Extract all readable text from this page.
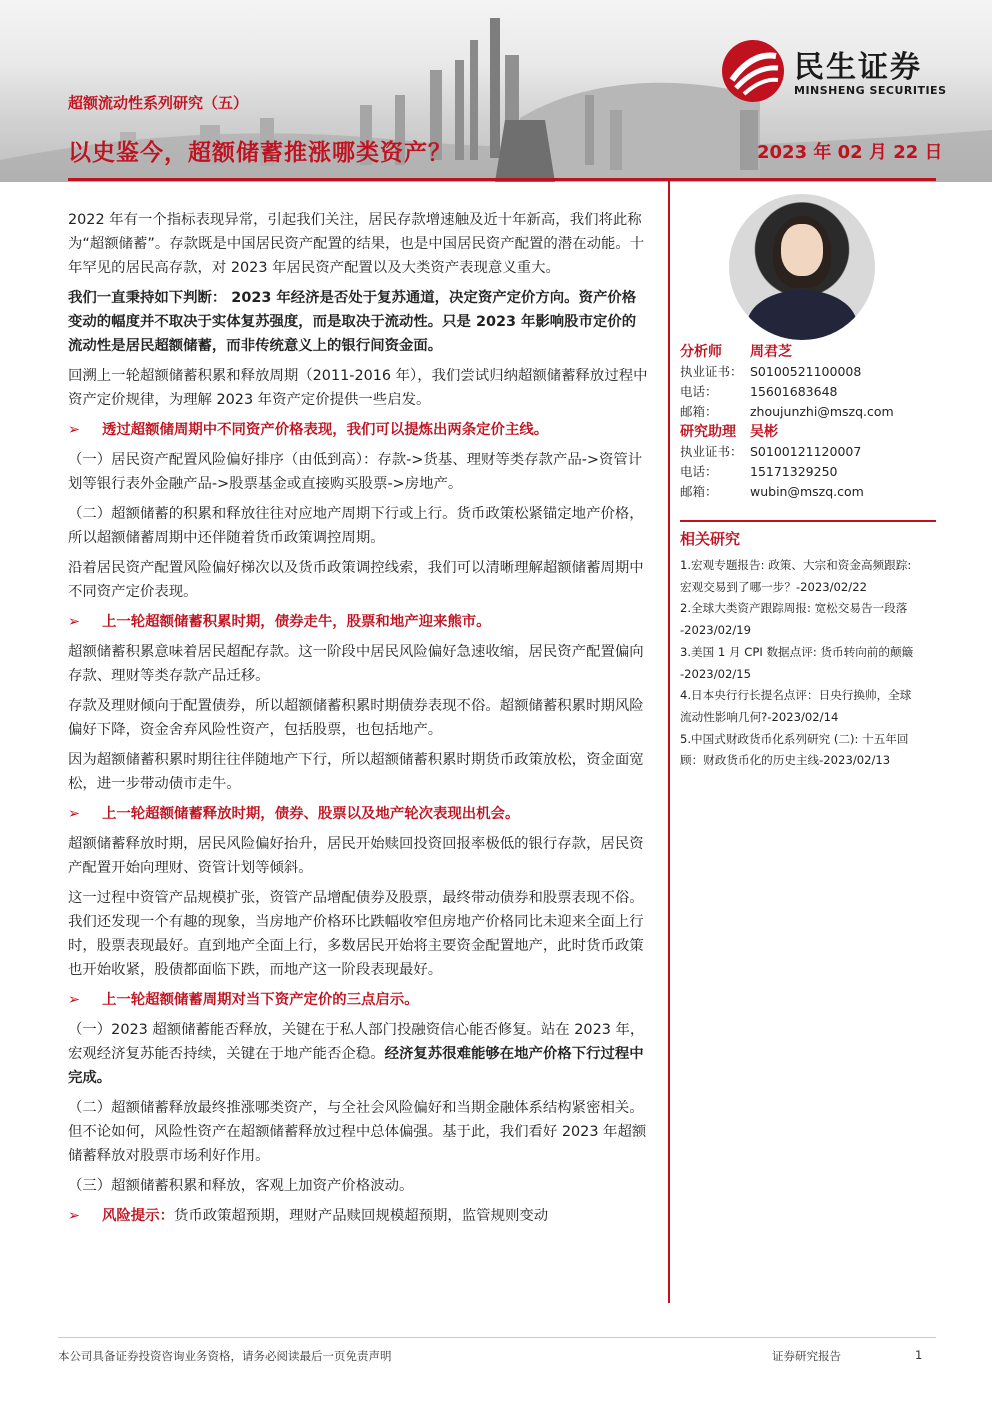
超额流动性系列研究（五）
以史鉴今，超额储蓄推涨哪类资产？	2023 年 02 月 22 日
民生证券
MINSHENG SECURITIES
2022 年有一个指标表现异常，引起我们关注，居民存款增速触及近十年新高，我们将此称为“超额储蓄”。存款既是中国居民资产配置的结果，也是中国居民资产配置的潜在动能。十年罕见的居民高存款，对 2023 年居民资产配置以及大类资产表现意义重大。
我们一直秉持如下判断： 2023 年经济是否处于复苏通道，决定资产定价方向。资产价格变动的幅度并不取决于实体复苏强度，而是取决于流动性。只是 2023 年影响股市定价的流动性是居民超额储蓄，而非传统意义上的银行间资金面。
回溯上一轮超额储蓄积累和释放周期（2011-2016 年），我们尝试归纳超额储蓄释放过程中资产定价规律，为理解 2023 年资产定价提供一些启发。
➢ 透过超额储周期中不同资产价格表现，我们可以提炼出两条定价主线。
（一）居民资产配置风险偏好排序（由低到高）：存款->货基、理财等类存款产品->资管计划等银行表外金融产品->股票基金或直接购买股票->房地产。
（二）超额储蓄的积累和释放往往对应地产周期下行或上行。货币政策松紧锚定地产价格，所以超额储蓄周期中还伴随着货币政策调控周期。
沿着居民资产配置风险偏好梯次以及货币政策调控线索，我们可以清晰理解超额储蓄周期中不同资产定价表现。
➢ 上一轮超额储蓄积累时期，债券走牛，股票和地产迎来熊市。
超额储蓄积累意味着居民超配存款。这一阶段中居民风险偏好急速收缩，居民资产配置偏向存款、理财等类存款产品迁移。
存款及理财倾向于配置债券，所以超额储蓄积累时期债券表现不俗。超额储蓄积累时期风险偏好下降，资金舍弃风险性资产，包括股票，也包括地产。
因为超额储蓄积累时期往往伴随地产下行，所以超额储蓄积累时期货币政策放松，资金面宽松，进一步带动债市走牛。
➢ 上一轮超额储蓄释放时期，债券、股票以及地产轮次表现出机会。
超额储蓄释放时期，居民风险偏好抬升，居民开始赎回投资回报率极低的银行存款，居民资产配置开始向理财、资管计划等倾斜。
这一过程中资管产品规模扩张，资管产品增配债券及股票，最终带动债券和股票表现不俗。我们还发现一个有趣的现象，当房地产价格环比跌幅收窄但房地产价格同比未迎来全面上行时，股票表现最好。直到地产全面上行，多数居民开始将主要资金配置地产，此时货币政策也开始收紧，股债都面临下跌，而地产这一阶段表现最好。
➢ 上一轮超额储蓄周期对当下资产定价的三点启示。
（一）2023 超额储蓄能否释放，关键在于私人部门投融资信心能否修复。站在 2023 年，宏观经济复苏能否持续，关键在于地产能否企稳。经济复苏很难能够在地产价格下行过程中完成。
（二）超额储蓄释放最终推涨哪类资产，与全社会风险偏好和当期金融体系结构紧密相关。但不论如何，风险性资产在超额储蓄释放过程中总体偏强。基于此，我们看好 2023 年超额储蓄释放对股票市场利好作用。
（三）超额储蓄积累和释放，客观上加资产价格波动。
➢ 风险提示：货币政策超预期，理财产品赎回规模超预期，监管规则变动
分析师	周君芝
执业证书： S0100521100008
电话：	15601683648
邮箱：	zhoujunzhi@mszq.com
研究助理	吴彬
执业证书： S0100121120007
电话：	15171329250
邮箱：	wubin@mszq.com
相关研究
1.宏观专题报告: 政策、大宗和资金高频跟踪:
宏观交易到了哪一步？-2023/02/22
2.全球大类资产跟踪周报: 宽松交易告一段落
-2023/02/19
3.美国 1 月 CPI 数据点评: 货币转向前的颠簸
-2023/02/15
4.日本央行行长提名点评：日央行换帅，全球
流动性影响几何?-2023/02/14
5.中国式财政货币化系列研究 (二): 十五年回
顾：财政货币化的历史主线-2023/02/13
本公司具备证券投资咨询业务资格，请务必阅读最后一页免责声明	证券研究报告	1
